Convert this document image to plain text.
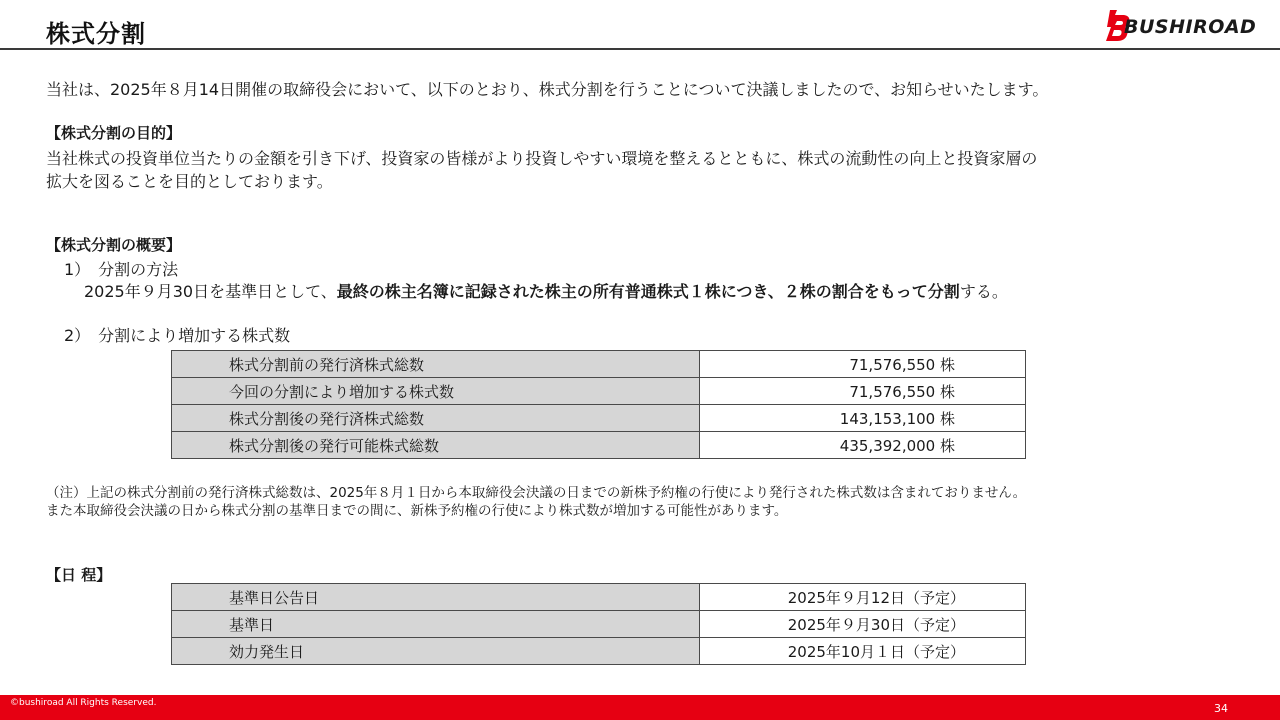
株式分割	BUSHIROAD
当社は、2025年８月14日開催の取締役会において、以下のとおり、株式分割を行うことについて決議しましたので、お知らせいたします。
【株式分割の目的】
当社株式の投資単位当たりの金額を引き下げ、投資家の皆様がより投資しやすい環境を整えるとともに、株式の流動性の向上と投資家層の
拡大を図ることを目的としております。
【株式分割の概要】
1）　分割の方法
2025年９月30日を基準日として、最終の株主名簿に記録された株主の所有普通株式１株につき、２株の割合をもって分割する。
2）　分割により増加する株式数
株式分割前の発行済株式総数	71,576,550 株
今回の分割により増加する株式数	71,576,550 株
株式分割後の発行済株式総数	143,153,100 株
株式分割後の発行可能株式総数	435,392,000 株
（注）上記の株式分割前の発行済株式総数は、2025年８月１日から本取締役会決議の日までの新株予約権の行使により発行された株式数は含まれておりません。
また本取締役会決議の日から株式分割の基準日までの間に、新株予約権の行使により株式数が増加する可能性があります。
【日 程】
基準日公告日	2025年９月12日（予定）
基準日	2025年９月30日（予定）
効力発生日	2025年10月１日（予定）
©bushiroad All Rights Reserved.	34
